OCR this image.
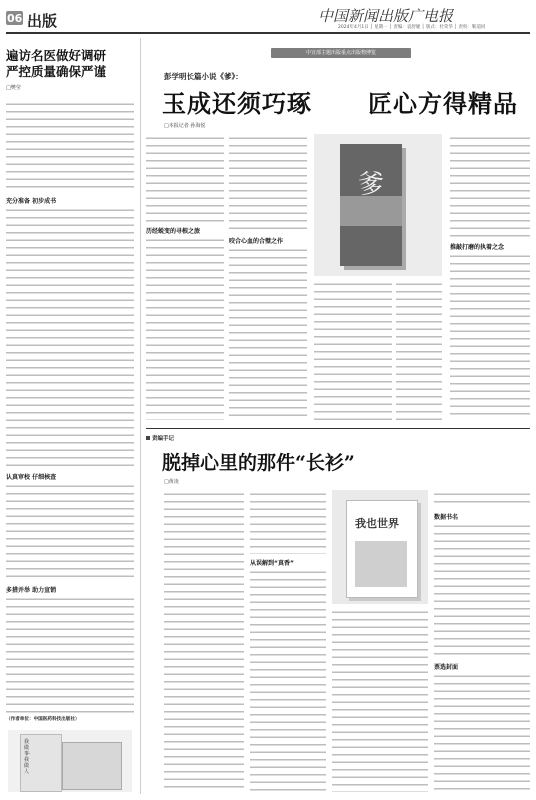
06 出版	中国新闻出版广电报
2024年4月1日 │ 星期一 │ 责编：袁舒婕 │ 版式：杜荣华 │ 责校：靳道同
遍访名医做好调研
严控质量确保严谨
□樊莹
充分准备 初步成书
认真审校 仔细核查
多措并举 助力宣销
（作者单位：中国医药科技出版社）
我做事·我做人
中宣部主题出版重点出版物博览
彭学明长篇小说《爹》：
玉成还须巧琢 匠心方得精品
□本报记者 孙海悦
历经蜕变的寻根之旅
咬合心血的合璧之作
爹
推敲打磨的执着之念
责编手记
脱掉心里的那件“长衫”
□黄凌
从误解到“真香”
我也世界	数据书名
票选封面
